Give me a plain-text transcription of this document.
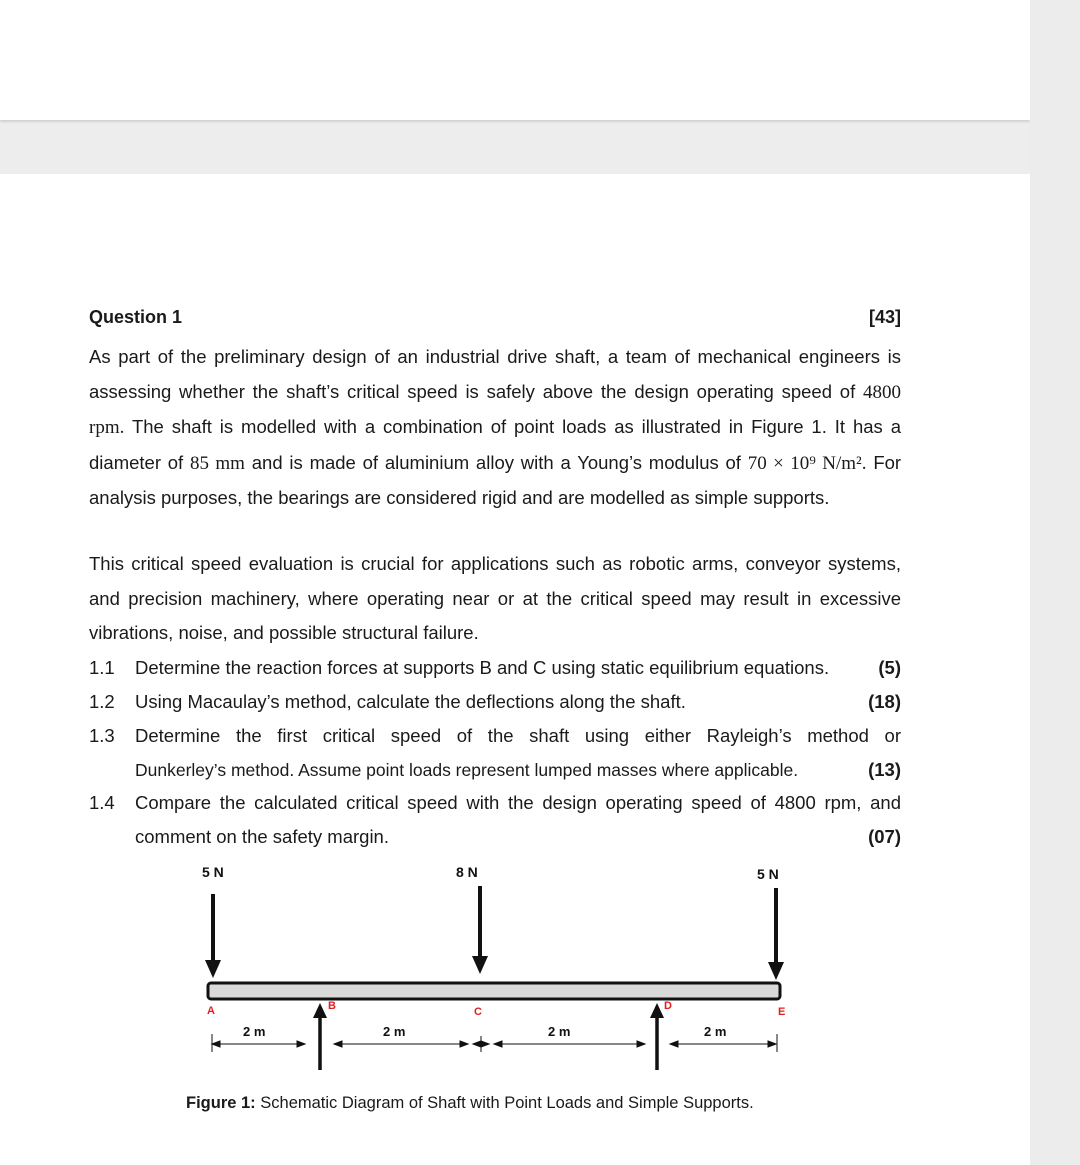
Question 1	[43]
As part of the preliminary design of an industrial drive shaft, a team of mechanical engineers is assessing whether the shaft’s critical speed is safely above the design operating speed of 4800 rpm. The shaft is modelled with a combination of point loads as illustrated in Figure 1. It has a diameter of 85 mm and is made of aluminium alloy with a Young’s modulus of 70 × 10⁹ N/m². For analysis purposes, the bearings are considered rigid and are modelled as simple supports.
This critical speed evaluation is crucial for applications such as robotic arms, conveyor systems, and precision machinery, where operating near or at the critical speed may result in excessive vibrations, noise, and possible structural failure.
1.1 Determine the reaction forces at supports B and C using static equilibrium equations.	(5)
1.2 Using Macaulay’s method, calculate the deflections along the shaft.	(18)
1.3 Determine the first critical speed of the shaft using either Rayleigh’s method or
Dunkerley’s method. Assume point loads represent lumped masses where applicable.	(13)
1.4 Compare the calculated critical speed with the design operating speed of 4800 rpm, and
comment on the safety margin.	(07)
5 N	8 N	5 N
A	B	C	D	E
2 m	2 m	2 m	2 m
Figure 1: Schematic Diagram of Shaft with Point Loads and Simple Supports.
